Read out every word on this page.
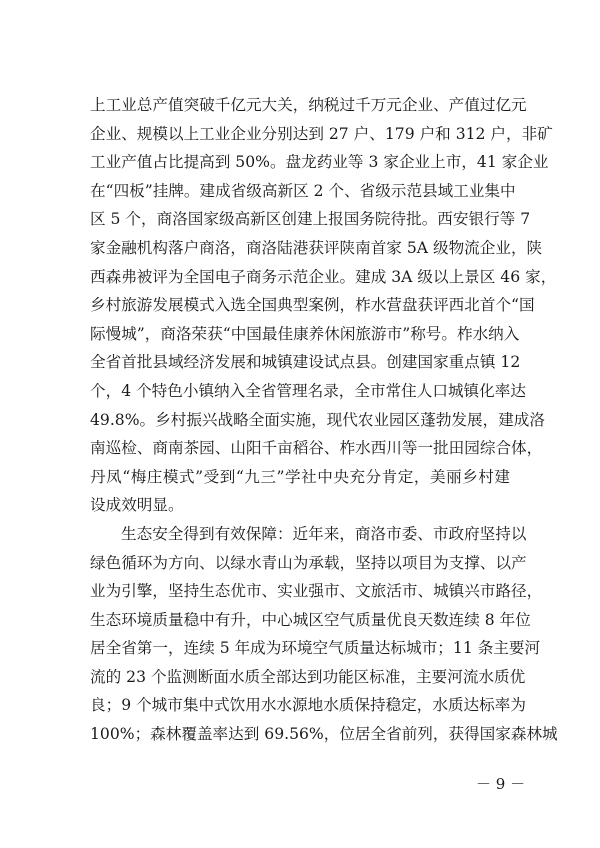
上工业总产值突破千亿元大关，纳税过千万元企业、产值过亿元
企业、规模以上工业企业分别达到 27 户、179 户和 312 户，非矿
工业产值占比提高到 50%。盘龙药业等 3 家企业上市，41 家企业
在“四板”挂牌。建成省级高新区 2 个、省级示范县域工业集中
区 5 个，商洛国家级高新区创建上报国务院待批。西安银行等 7
家金融机构落户商洛，商洛陆港获评陕南首家 5A 级物流企业，陕
西森弗被评为全国电子商务示范企业。建成 3A 级以上景区 46 家，
乡村旅游发展模式入选全国典型案例，柞水营盘获评西北首个“国
际慢城”，商洛荣获“中国最佳康养休闲旅游市”称号。柞水纳入
全省首批县域经济发展和城镇建设试点县。创建国家重点镇 12
个，4 个特色小镇纳入全省管理名录，全市常住人口城镇化率达
49.8%。乡村振兴战略全面实施，现代农业园区蓬勃发展，建成洛
南巡检、商南茶园、山阳千亩稻谷、柞水西川等一批田园综合体，
丹凤“梅庄模式”受到“九三”学社中央充分肯定，美丽乡村建
设成效明显。
生态安全得到有效保障：近年来，商洛市委、市政府坚持以
绿色循环为方向、以绿水青山为承载，坚持以项目为支撑、以产
业为引擎，坚持生态优市、实业强市、文旅活市、城镇兴市路径，
生态环境质量稳中有升，中心城区空气质量优良天数连续 8 年位
居全省第一，连续 5 年成为环境空气质量达标城市；11 条主要河
流的 23 个监测断面水质全部达到功能区标准，主要河流水质优
良；9 个城市集中式饮用水水源地水质保持稳定，水质达标率为
100%；森林覆盖率达到 69.56%，位居全省前列，获得国家森林城
－ 9 －
